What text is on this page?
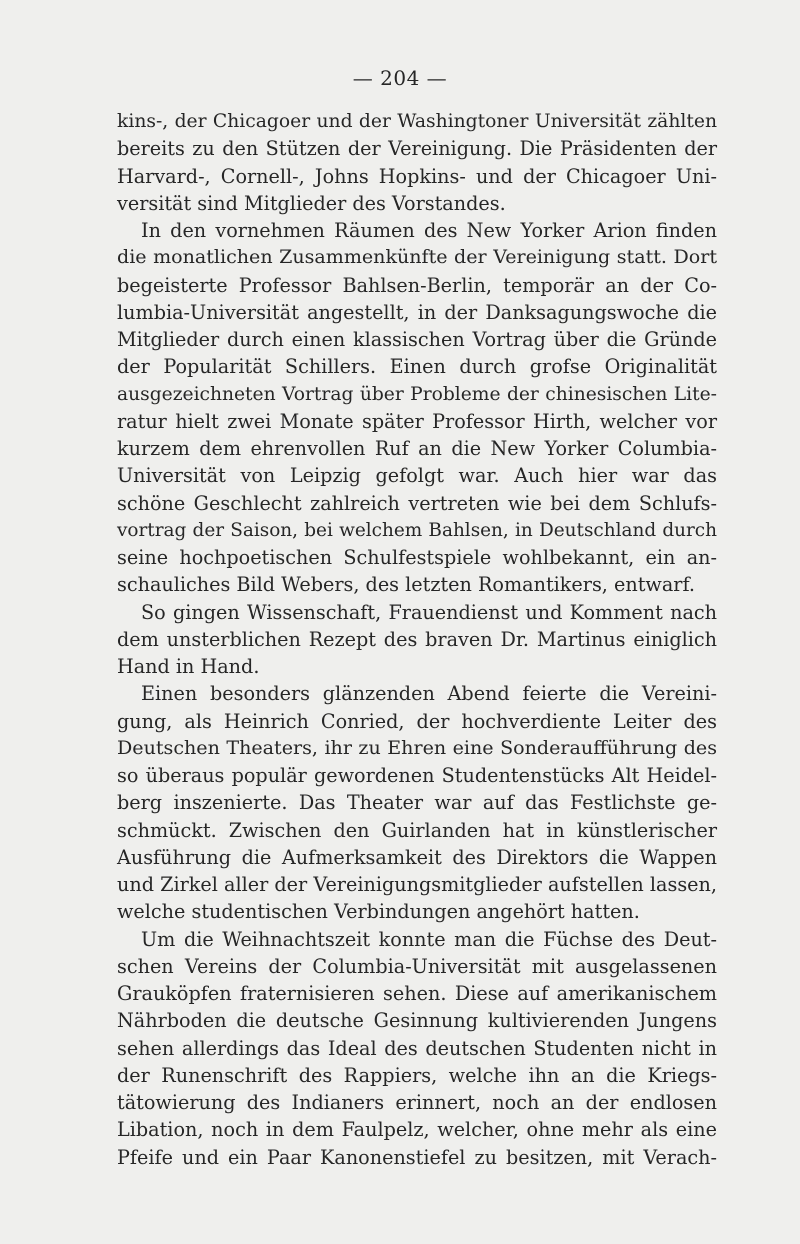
— 204 —
kins-, der Chicagoer und der Washingtoner Universität zählten
bereits zu den Stützen der Vereinigung. Die Präsidenten der
Harvard-, Cornell-, Johns Hopkins- und der Chicagoer Uni-
versität sind Mitglieder des Vorstandes.
In den vornehmen Räumen des New Yorker Arion finden
die monatlichen Zusammenkünfte der Vereinigung statt. Dort
begeisterte Professor Bahlsen-Berlin, temporär an der Co-
lumbia-Universität angestellt, in der Danksagungswoche die
Mitglieder durch einen klassischen Vortrag über die Gründe
der Popularität Schillers. Einen durch grofse Originalität
ausgezeichneten Vortrag über Probleme der chinesischen Lite-
ratur hielt zwei Monate später Professor Hirth, welcher vor
kurzem dem ehrenvollen Ruf an die New Yorker Columbia-
Universität von Leipzig gefolgt war. Auch hier war das
schöne Geschlecht zahlreich vertreten wie bei dem Schlufs-
vortrag der Saison, bei welchem Bahlsen, in Deutschland durch
seine hochpoetischen Schulfestspiele wohlbekannt, ein an-
schauliches Bild Webers, des letzten Romantikers, entwarf.
So gingen Wissenschaft, Frauendienst und Komment nach
dem unsterblichen Rezept des braven Dr. Martinus einiglich
Hand in Hand.
Einen besonders glänzenden Abend feierte die Vereini-
gung, als Heinrich Conried, der hochverdiente Leiter des
Deutschen Theaters, ihr zu Ehren eine Sonderaufführung des
so überaus populär gewordenen Studentenstücks Alt Heidel-
berg inszenierte. Das Theater war auf das Festlichste ge-
schmückt. Zwischen den Guirlanden hat in künstlerischer
Ausführung die Aufmerksamkeit des Direktors die Wappen
und Zirkel aller der Vereinigungsmitglieder aufstellen lassen,
welche studentischen Verbindungen angehört hatten.
Um die Weihnachtszeit konnte man die Füchse des Deut-
schen Vereins der Columbia-Universität mit ausgelassenen
Grauköpfen fraternisieren sehen. Diese auf amerikanischem
Nährboden die deutsche Gesinnung kultivierenden Jungens
sehen allerdings das Ideal des deutschen Studenten nicht in
der Runenschrift des Rappiers, welche ihn an die Kriegs-
tätowierung des Indianers erinnert, noch an der endlosen
Libation, noch in dem Faulpelz, welcher, ohne mehr als eine
Pfeife und ein Paar Kanonenstiefel zu besitzen, mit Verach-
